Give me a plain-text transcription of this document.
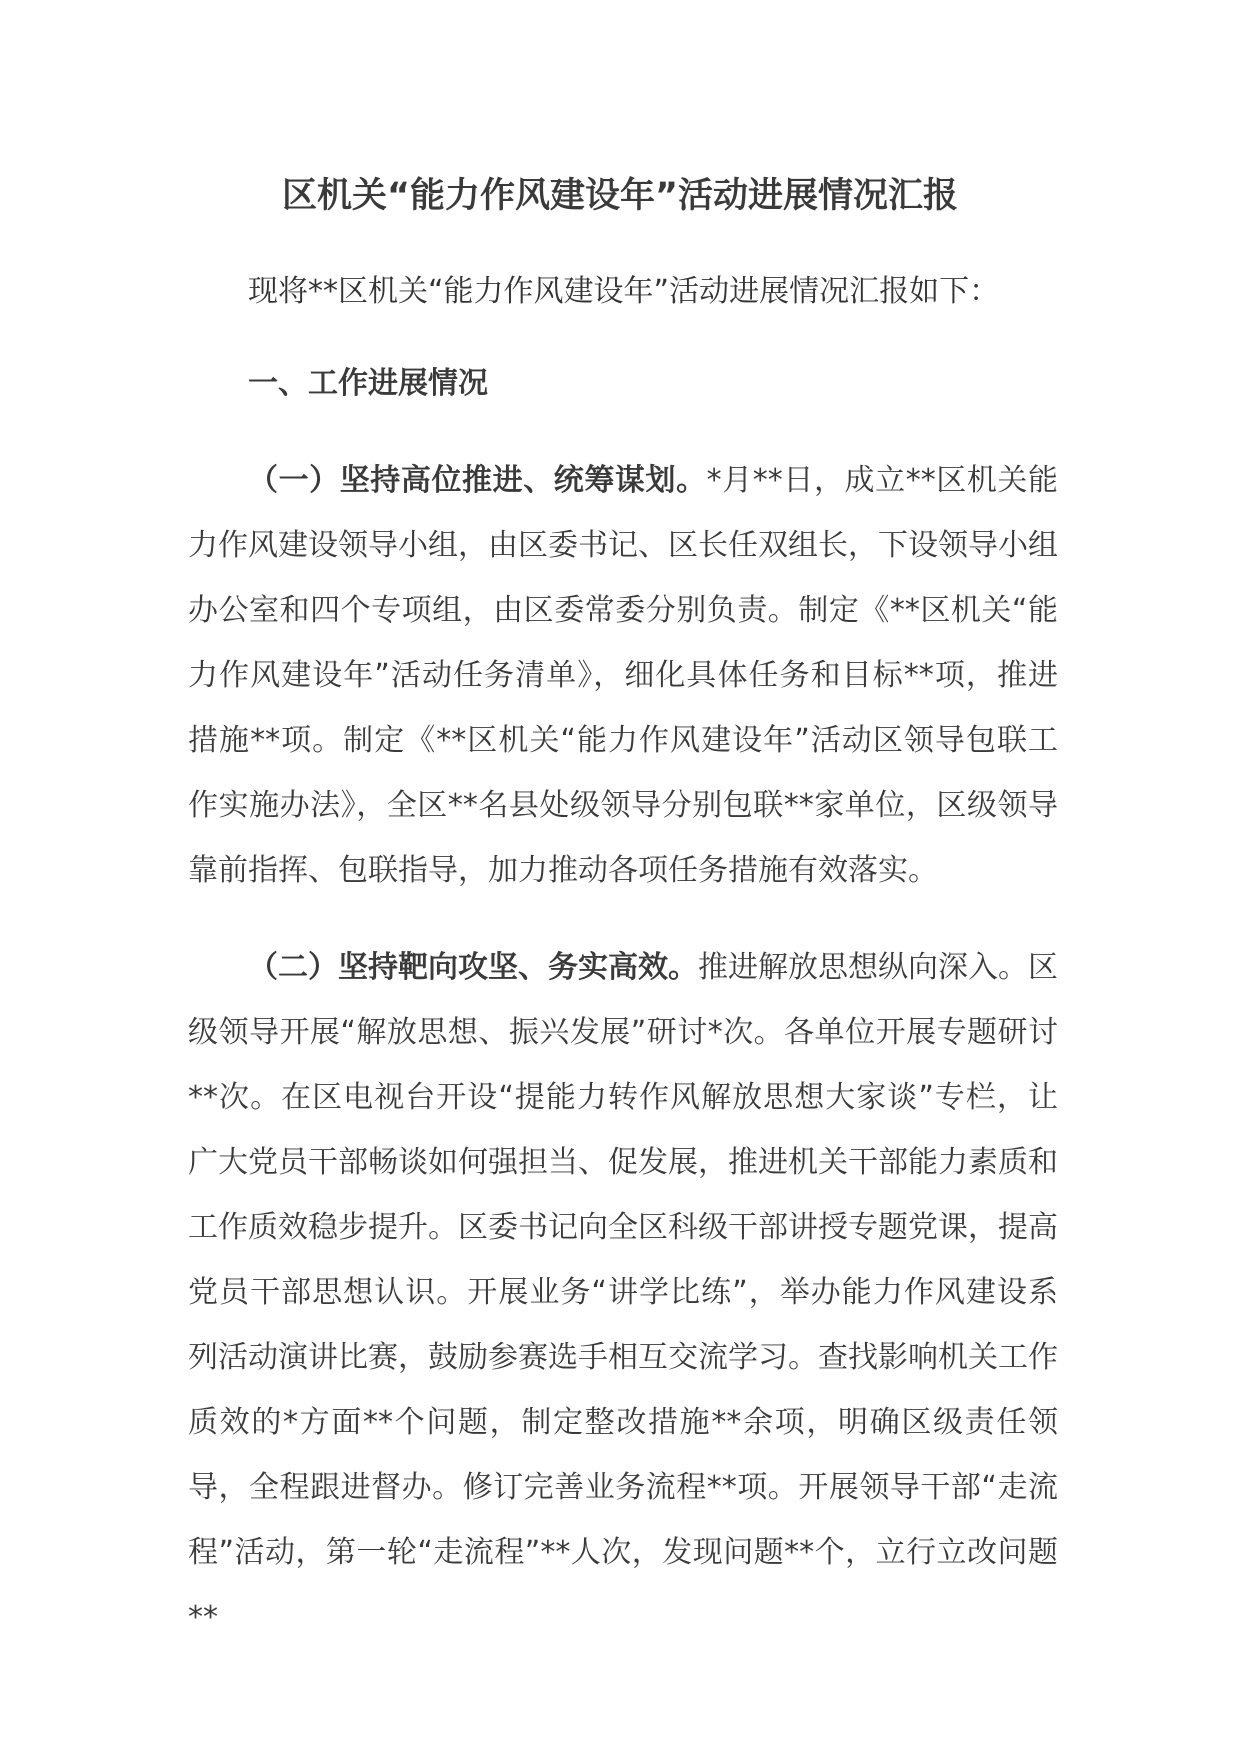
区机关“能力作风建设年”活动进展情况汇报

现将**区机关“能力作风建设年”活动进展情况汇报如下：

一、工作进展情况

（一）坚持高位推进、统筹谋划。*月**日，成立**区机关能力作风建设领导小组，由区委书记、区长任双组长，下设领导小组办公室和四个专项组，由区委常委分别负责。制定《**区机关“能力作风建设年”活动任务清单》，细化具体任务和目标**项，推进措施**项。制定《**区机关“能力作风建设年”活动区领导包联工作实施办法》，全区**名县处级领导分别包联**家单位，区级领导靠前指挥、包联指导，加力推动各项任务措施有效落实。

（二）坚持靶向攻坚、务实高效。推进解放思想纵向深入。区级领导开展“解放思想、振兴发展”研讨*次。各单位开展专题研讨**次。在区电视台开设“提能力转作风解放思想大家谈”专栏，让广大党员干部畅谈如何强担当、促发展，推进机关干部能力素质和工作质效稳步提升。区委书记向全区科级干部讲授专题党课，提高党员干部思想认识。开展业务“讲学比练”，举办能力作风建设系列活动演讲比赛，鼓励参赛选手相互交流学习。查找影响机关工作质效的*方面**个问题，制定整改措施**余项，明确区级责任领导，全程跟进督办。修订完善业务流程**项。开展领导干部“走流程”活动，第一轮“走流程”**人次，发现问题**个，立行立改问题**
